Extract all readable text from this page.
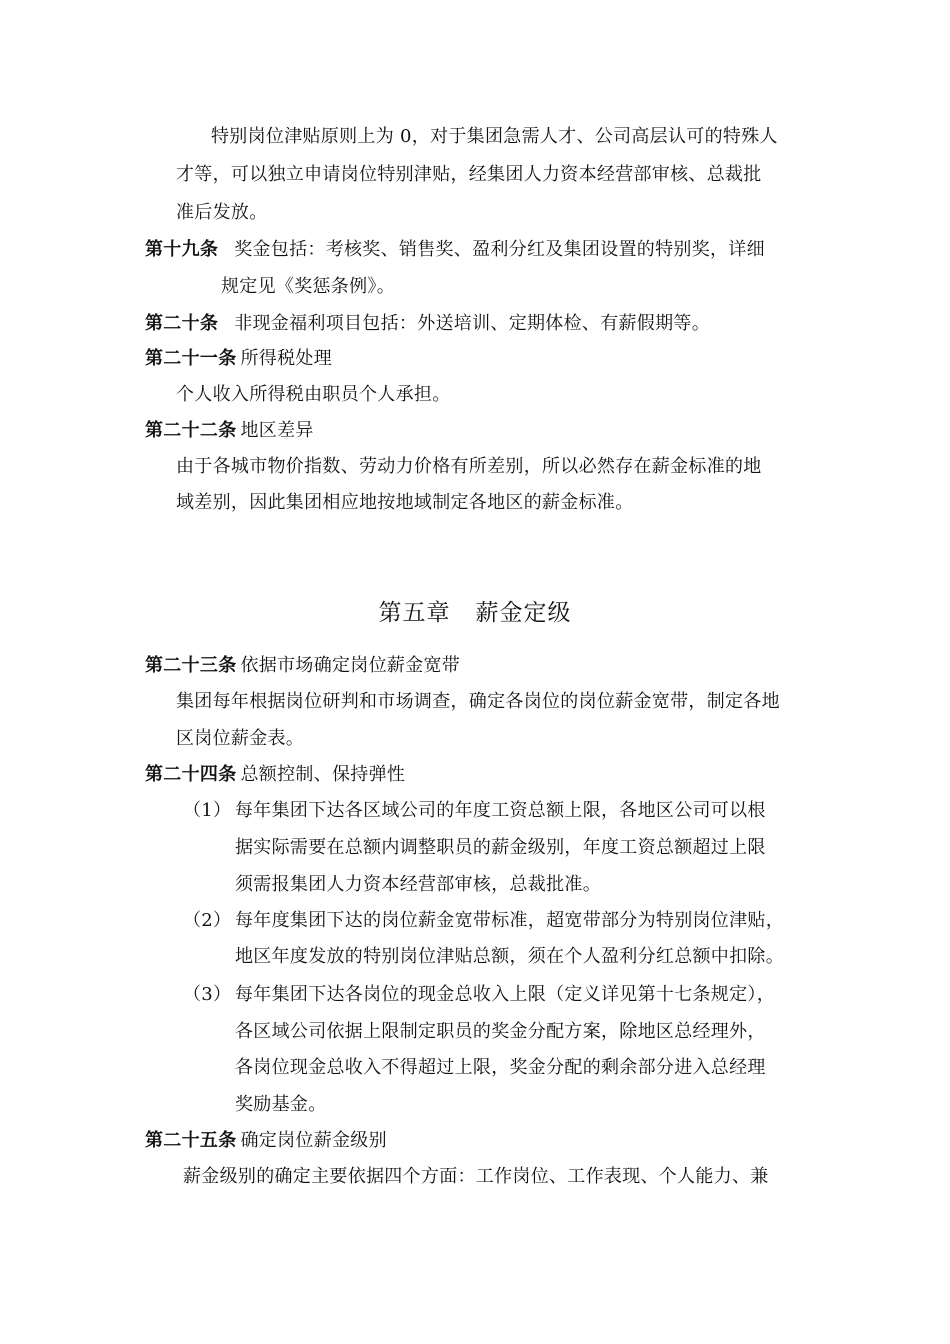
特别岗位津贴原则上为 0，对于集团急需人才、公司高层认可的特殊人

才等，可以独立申请岗位特别津贴，经集团人力资本经营部审核、总裁批

准后发放。

第十九条 奖金包括：考核奖、销售奖、盈利分红及集团设置的特别奖，详细

规定见《奖惩条例》。

第二十条 非现金福利项目包括：外送培训、定期体检、有薪假期等。

第二十一条 所得税处理

个人收入所得税由职员个人承担。

第二十二条 地区差异

由于各城市物价指数、劳动力价格有所差别，所以必然存在薪金标准的地

域差别，因此集团相应地按地域制定各地区的薪金标准。

第五章   薪金定级

第二十三条 依据市场确定岗位薪金宽带

集团每年根据岗位研判和市场调查，确定各岗位的岗位薪金宽带，制定各地

区岗位薪金表。

第二十四条 总额控制、保持弹性

（1） 每年集团下达各区域公司的年度工资总额上限，各地区公司可以根

据实际需要在总额内调整职员的薪金级别，年度工资总额超过上限

须需报集团人力资本经营部审核，总裁批准。

（2） 每年度集团下达的岗位薪金宽带标准，超宽带部分为特别岗位津贴，

地区年度发放的特别岗位津贴总额，须在个人盈利分红总额中扣除。

（3） 每年集团下达各岗位的现金总收入上限（定义详见第十七条规定），

各区域公司依据上限制定职员的奖金分配方案，除地区总经理外，

各岗位现金总收入不得超过上限，奖金分配的剩余部分进入总经理

奖励基金。

第二十五条 确定岗位薪金级别

薪金级别的确定主要依据四个方面：工作岗位、工作表现、个人能力、兼
